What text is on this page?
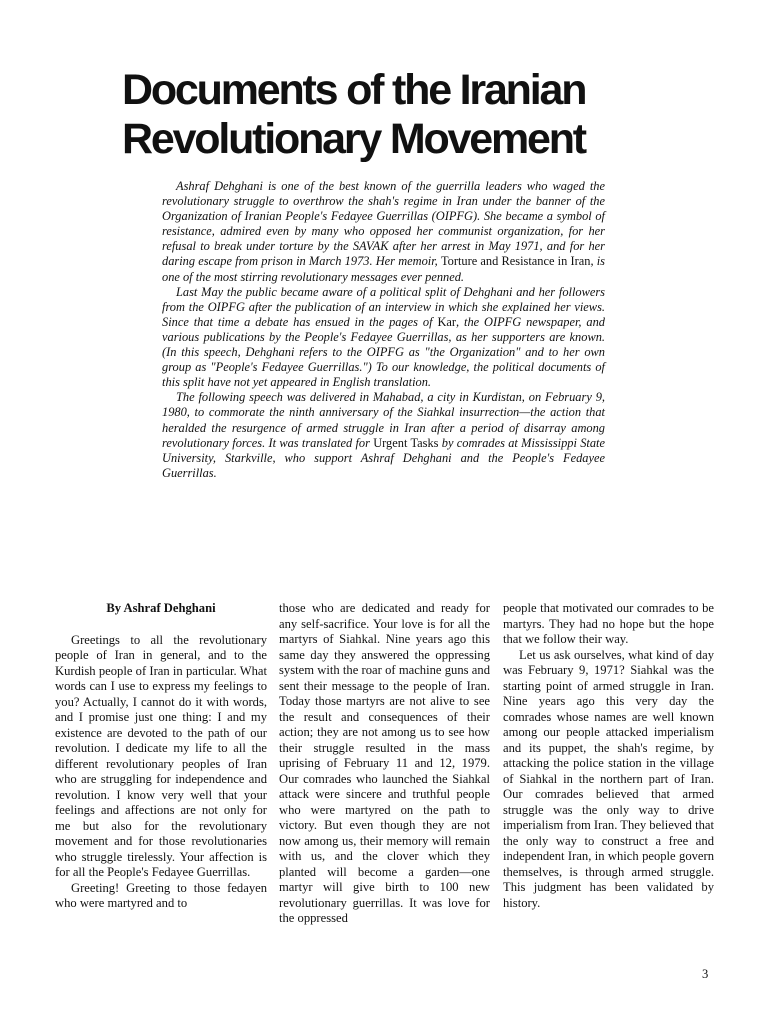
Documents of the Iranian
Revolutionary Movement

Ashraf Dehghani is one of the best known of the guerrilla leaders who waged the revolutionary struggle to overthrow the shah's regime in Iran under the banner of the Organization of Iranian People's Fedayee Guerrillas (OIPFG). She became a symbol of resistance, admired even by many who opposed her communist organization, for her refusal to break under torture by the SAVAK after her arrest in May 1971, and for her daring escape from prison in March 1973. Her memoir, Torture and Resistance in Iran, is one of the most stirring revolutionary messages ever penned.

Last May the public became aware of a political split of Dehghani and her followers from the OIPFG after the publication of an interview in which she explained her views. Since that time a debate has ensued in the pages of Kar, the OIPFG newspaper, and various publications by the People's Fedayee Guerrillas, as her supporters are known. (In this speech, Dehghani refers to the OIPFG as "the Organization" and to her own group as "People's Fedayee Guerrillas.") To our knowledge, the political documents of this split have not yet appeared in English translation.

The following speech was delivered in Mahabad, a city in Kurdistan, on February 9, 1980, to commorate the ninth anniversary of the Siahkal insurrection—the action that heralded the resurgence of armed struggle in Iran after a period of disarray among revolutionary forces. It was translated for Urgent Tasks by comrades at Mississippi State University, Starkville, who support Ashraf Dehghani and the People's Fedayee Guerrillas.

By Ashraf Dehghani

Greetings to all the revolutionary people of Iran in general, and to the Kurdish people of Iran in particular. What words can I use to express my feelings to you? Actually, I cannot do it with words, and I promise just one thing: I and my existence are devoted to the path of our revolution. I dedicate my life to all the different revolutionary peoples of Iran who are struggling for independence and revolution. I know very well that your feelings and affections are not only for me but also for the revolutionary movement and for those revolutionaries who struggle tirelessly. Your affection is for all the People's Fedayee Guerrillas.

Greeting! Greeting to those fedayen who were martyred and to

those who are dedicated and ready for any self-sacrifice. Your love is for all the martyrs of Siahkal. Nine years ago this same day they answered the oppressing system with the roar of machine guns and sent their message to the people of Iran. Today those martyrs are not alive to see the result and consequences of their action; they are not among us to see how their struggle resulted in the mass uprising of February 11 and 12, 1979. Our comrades who launched the Siahkal attack were sincere and truthful people who were martyred on the path to victory. But even though they are not now among us, their memory will remain with us, and the clover which they planted will become a garden—one martyr will give birth to 100 new revolutionary guerrillas. It was love for the oppressed

people that motivated our comrades to be martyrs. They had no hope but the hope that we follow their way.

Let us ask ourselves, what kind of day was February 9, 1971? Siahkal was the starting point of armed struggle in Iran. Nine years ago this very day the comrades whose names are well known among our people attacked imperialism and its puppet, the shah's regime, by attacking the police station in the village of Siahkal in the northern part of Iran. Our comrades believed that armed struggle was the only way to drive imperialism from Iran. They believed that the only way to construct a free and independent Iran, in which people govern themselves, is through armed struggle. This judgment has been validated by history.

3
